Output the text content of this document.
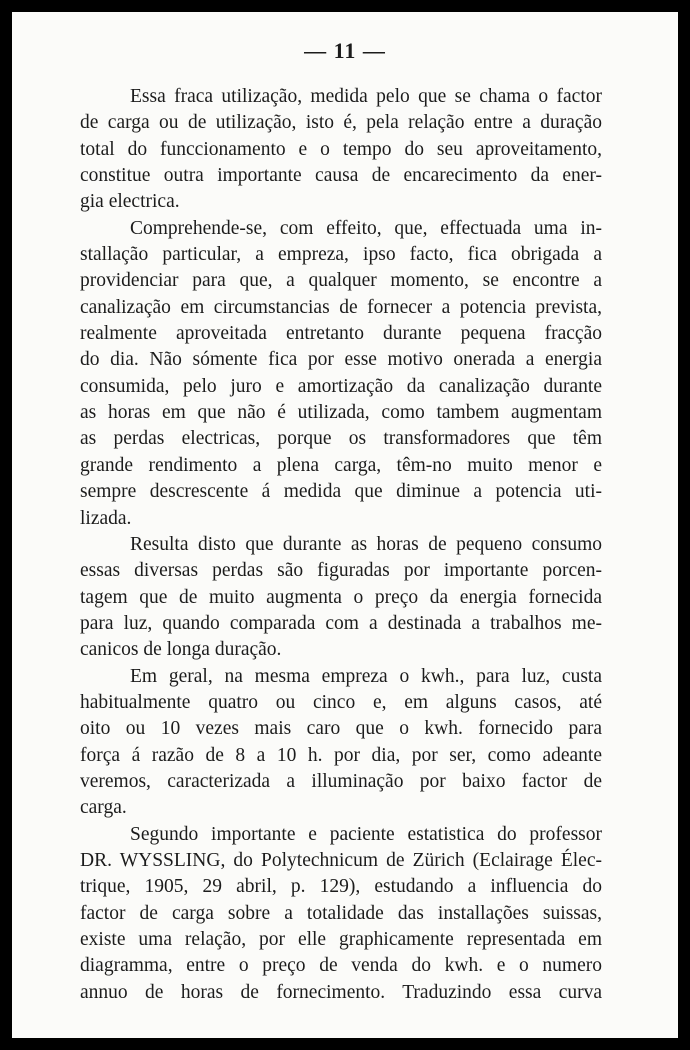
— 11 —
Essa fraca utilização, medida pelo que se chama o factor
de carga ou de utilização, isto é, pela relação entre a duração
total do funccionamento e o tempo do seu aproveitamento,
constitue outra importante causa de encarecimento da ener-
gia electrica.
Comprehende-se, com effeito, que, effectuada uma in-
stallação particular, a empreza, ipso facto, fica obrigada a
providenciar para que, a qualquer momento, se encontre a
canalização em circumstancias de fornecer a potencia prevista,
realmente aproveitada entretanto durante pequena fracção
do dia. Não sómente fica por esse motivo onerada a energia
consumida, pelo juro e amortização da canalização durante
as horas em que não é utilizada, como tambem augmentam
as perdas electricas, porque os transformadores que têm
grande rendimento a plena carga, têm-no muito menor e
sempre descrescente á medida que diminue a potencia uti-
lizada.
Resulta disto que durante as horas de pequeno consumo
essas diversas perdas são figuradas por importante porcen-
tagem que de muito augmenta o preço da energia fornecida
para luz, quando comparada com a destinada a trabalhos me-
canicos de longa duração.
Em geral, na mesma empreza o kwh., para luz, custa
habitualmente quatro ou cinco e, em alguns casos, até
oito ou 10 vezes mais caro que o kwh. fornecido para
força á razão de 8 a 10 h. por dia, por ser, como adeante
veremos, caracterizada a illuminação por baixo factor de
carga.
Segundo importante e paciente estatistica do professor
DR. WYSSLING, do Polytechnicum de Zürich (Eclairage Élec-
trique, 1905, 29 abril, p. 129), estudando a influencia do
factor de carga sobre a totalidade das installações suissas,
existe uma relação, por elle graphicamente representada em
diagramma, entre o preço de venda do kwh. e o numero
annuo de horas de fornecimento. Traduzindo essa curva
